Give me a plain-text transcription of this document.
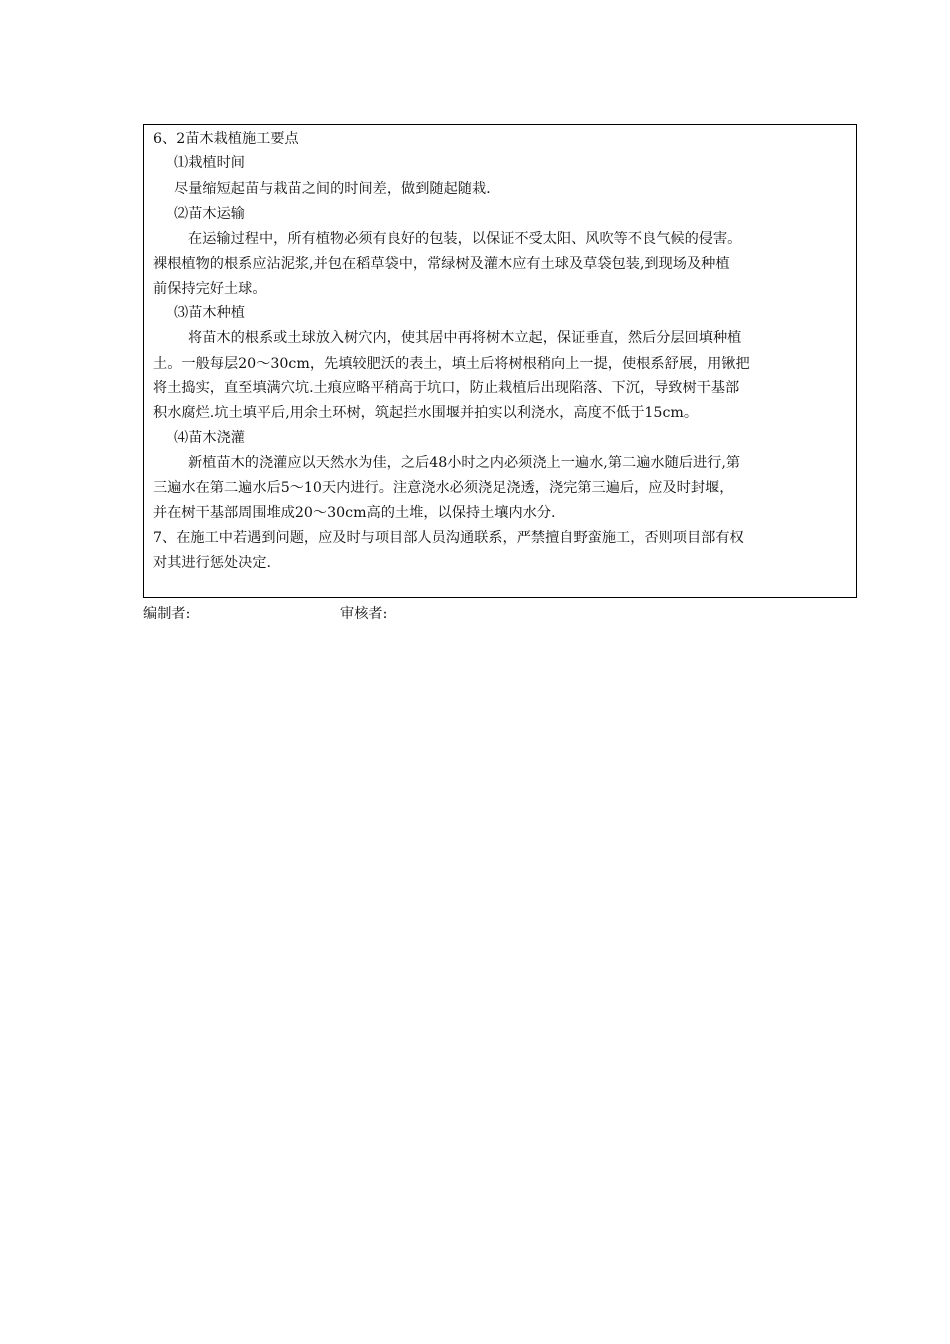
6、2苗木栽植施工要点
⑴栽植时间
尽量缩短起苗与栽苗之间的时间差，做到随起随栽.
⑵苗木运输
在运输过程中，所有植物必须有良好的包装，以保证不受太阳、风吹等不良气候的侵害。
裸根植物的根系应沾泥浆,并包在稻草袋中，常绿树及灌木应有土球及草袋包装,到现场及种植
前保持完好土球。
⑶苗木种植
将苗木的根系或土球放入树穴内，使其居中再将树木立起，保证垂直，然后分层回填种植
土。一般每层20～30cm，先填较肥沃的表土，填土后将树根稍向上一提，使根系舒展，用锹把
将土捣实，直至填满穴坑.土痕应略平稍高于坑口，防止栽植后出现陷落、下沉，导致树干基部
积水腐烂.坑土填平后,用余土环树，筑起拦水围堰并拍实以利浇水，高度不低于15cm。
⑷苗木浇灌
新植苗木的浇灌应以天然水为佳，之后48小时之内必须浇上一遍水,第二遍水随后进行,第
三遍水在第二遍水后5～10天内进行。注意浇水必须浇足浇透，浇完第三遍后，应及时封堰，
并在树干基部周围堆成20～30cm高的土堆，以保持土壤内水分.
7、在施工中若遇到问题，应及时与项目部人员沟通联系，严禁擅自野蛮施工，否则项目部有权
对其进行惩处决定.
编制者:	审核者:
